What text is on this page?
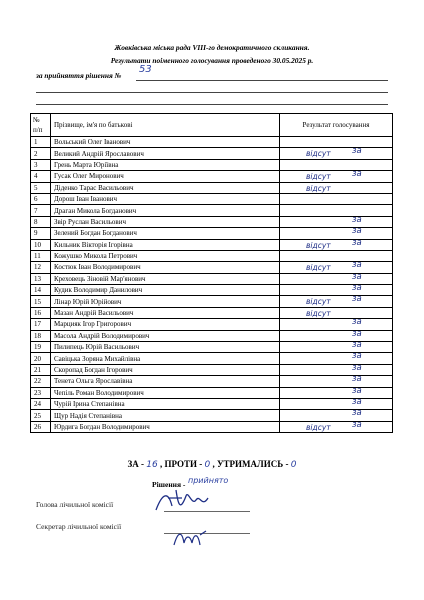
Жовківська міська рада VIII-го демократичного скликання.
Результати поіменного голосування проведеного 30.05.2025 р.
за прийняття рішення №
53
№ п/п	Прізвище, ім'я по батькові	Результат голосування
1	Вольський Олег Іванович	

2	Великий Андрій Ярославович	відсут за

3	Грень Марта Юріївна	

4	Гусак Олег Миронович	відсут за

5	Діденко Тарас Васильович	відсут

6	Дорош Іван Іванович	

7	Драган Микола Богданович	

8	Звір Руслан Васильович	за

9	Зелений Богдан Богданович	за

10	Кильник Вікторія Ігорівна	відсут за

11	Кожушко Микола Петрович	

12	Костюк Іван Володимирович	відсут за

13	Креховець Зіновій Мар'янович	за

14	Кудик Володимир Данилович	за

15	Лінар Юрій Юрійович	відсут за

16	Мазан Андрій Васильович	відсут

17	Марцияк Ігор Григорович	за

18	Масола Андрій Володимирович	за

19	Пилипець Юрій Васильович	за

20	Савіцька Зоряна Михайлівна	за

21	Скоропад Богдан Ігорович	за

22	Тенета Ольга Ярославівна	за

23	Чепіль Роман Володимирович	за

24	Чурій Ірина Степанівна	за

25	Щур Надія Степанівна	за

26	Юрдига Богдан Володимирович	відсут за
ЗА - 16 , ПРОТИ - 0 , УТРИМАЛИСЬ - 0
Рішення - прийнято
Голова лічильної комісії
Секретар лічильної комісії
